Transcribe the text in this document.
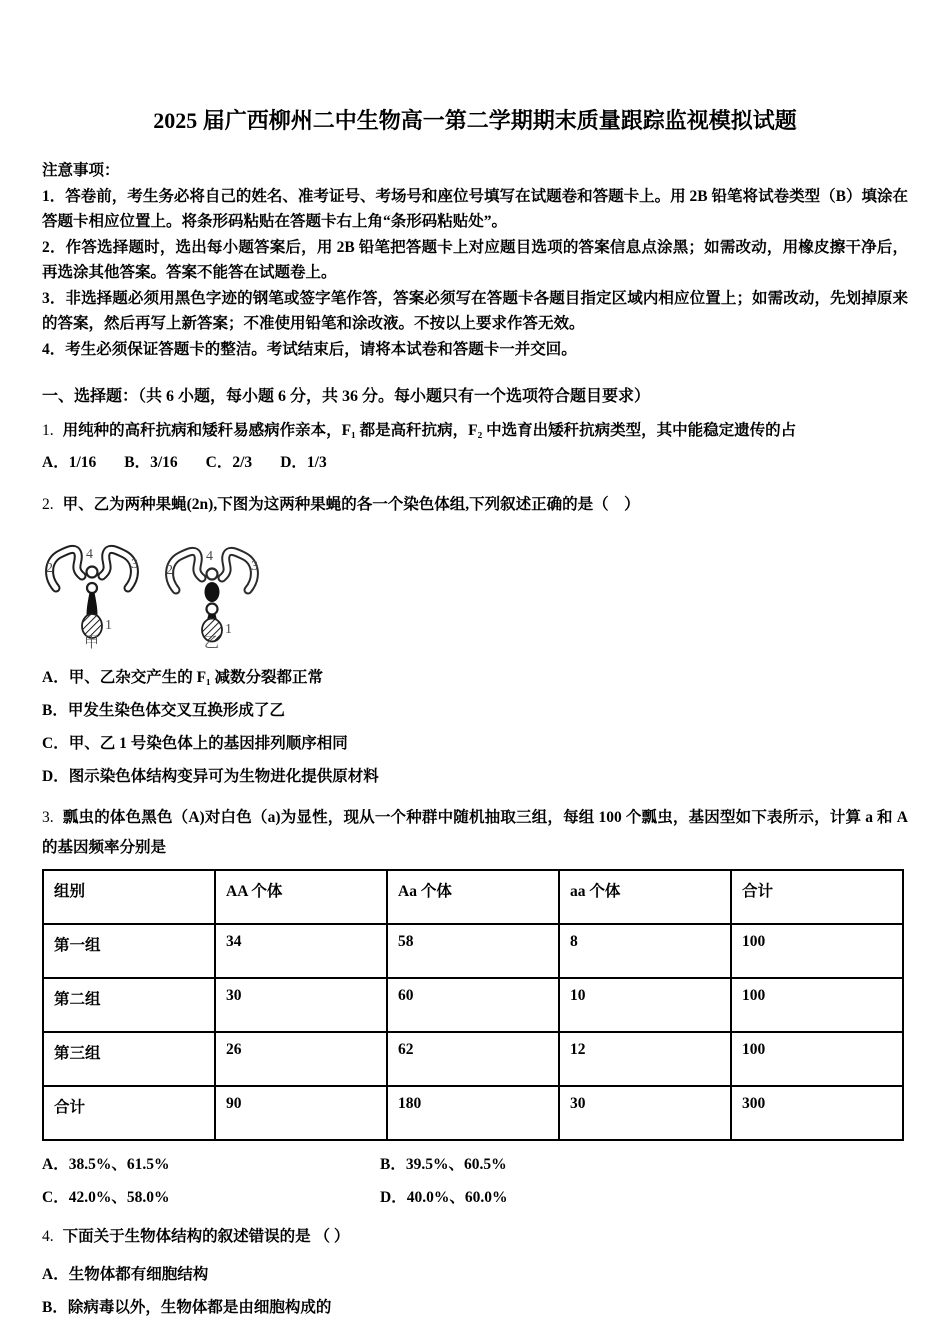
2025 届广西柳州二中生物高一第二学期期末质量跟踪监视模拟试题

注意事项：

1．答卷前，考生务必将自己的姓名、准考证号、考场号和座位号填写在试题卷和答题卡上。用 2B 铅笔将试卷类型（B）填涂在答题卡相应位置上。将条形码粘贴在答题卡右上角“条形码粘贴处”。

2．作答选择题时，选出每小题答案后，用 2B 铅笔把答题卡上对应题目选项的答案信息点涂黑；如需改动，用橡皮擦干净后，再选涂其他答案。答案不能答在试题卷上。

3．非选择题必须用黑色字迹的钢笔或签字笔作答，答案必须写在答题卡各题目指定区域内相应位置上；如需改动，先划掉原来的答案，然后再写上新答案；不准使用铅笔和涂改液。不按以上要求作答无效。

4．考生必须保证答题卡的整洁。考试结束后，请将本试卷和答题卡一并交回。

一、选择题：（共 6 小题，每小题 6 分，共 36 分。每小题只有一个选项符合题目要求）

1. 用纯种的高秆抗病和矮秆易感病作亲本，F₁ 都是高秆抗病，F₂ 中选育出矮秆抗病类型，其中能稳定遗传的占

A．1/16 B．3/16 C．2/3 D．1/3

2. 甲、乙为两种果蝇(2n),下图为这两种果蝇的各一个染色体组,下列叙述正确的是（　）

2
4
3
1
甲
2
4
3
1
乙

A．甲、乙杂交产生的 F₁ 减数分裂都正常

B．甲发生染色体交叉互换形成了乙

C．甲、乙 1 号染色体上的基因排列顺序相同

D．图示染色体结构变异可为生物进化提供原材料

3. 瓢虫的体色黑色（A)对白色（a)为显性，现从一个种群中随机抽取三组，每组 100 个瓢虫，基因型如下表所示，计算 a 和 A 的基因频率分别是

组别	AA 个体	Aa 个体	aa 个体	合计
第一组	34	58	8	100
第二组	30	60	10	100
第三组	26	62	12	100
合计	90	180	30	300
A．38.5%、61.5%	B．39.5%、60.5%
C．42.0%、58.0%	D．40.0%、60.0%

4. 下面关于生物体结构的叙述错误的是 （ ）

A．生物体都有细胞结构

B．除病毒以外，生物体都是由细胞构成的
